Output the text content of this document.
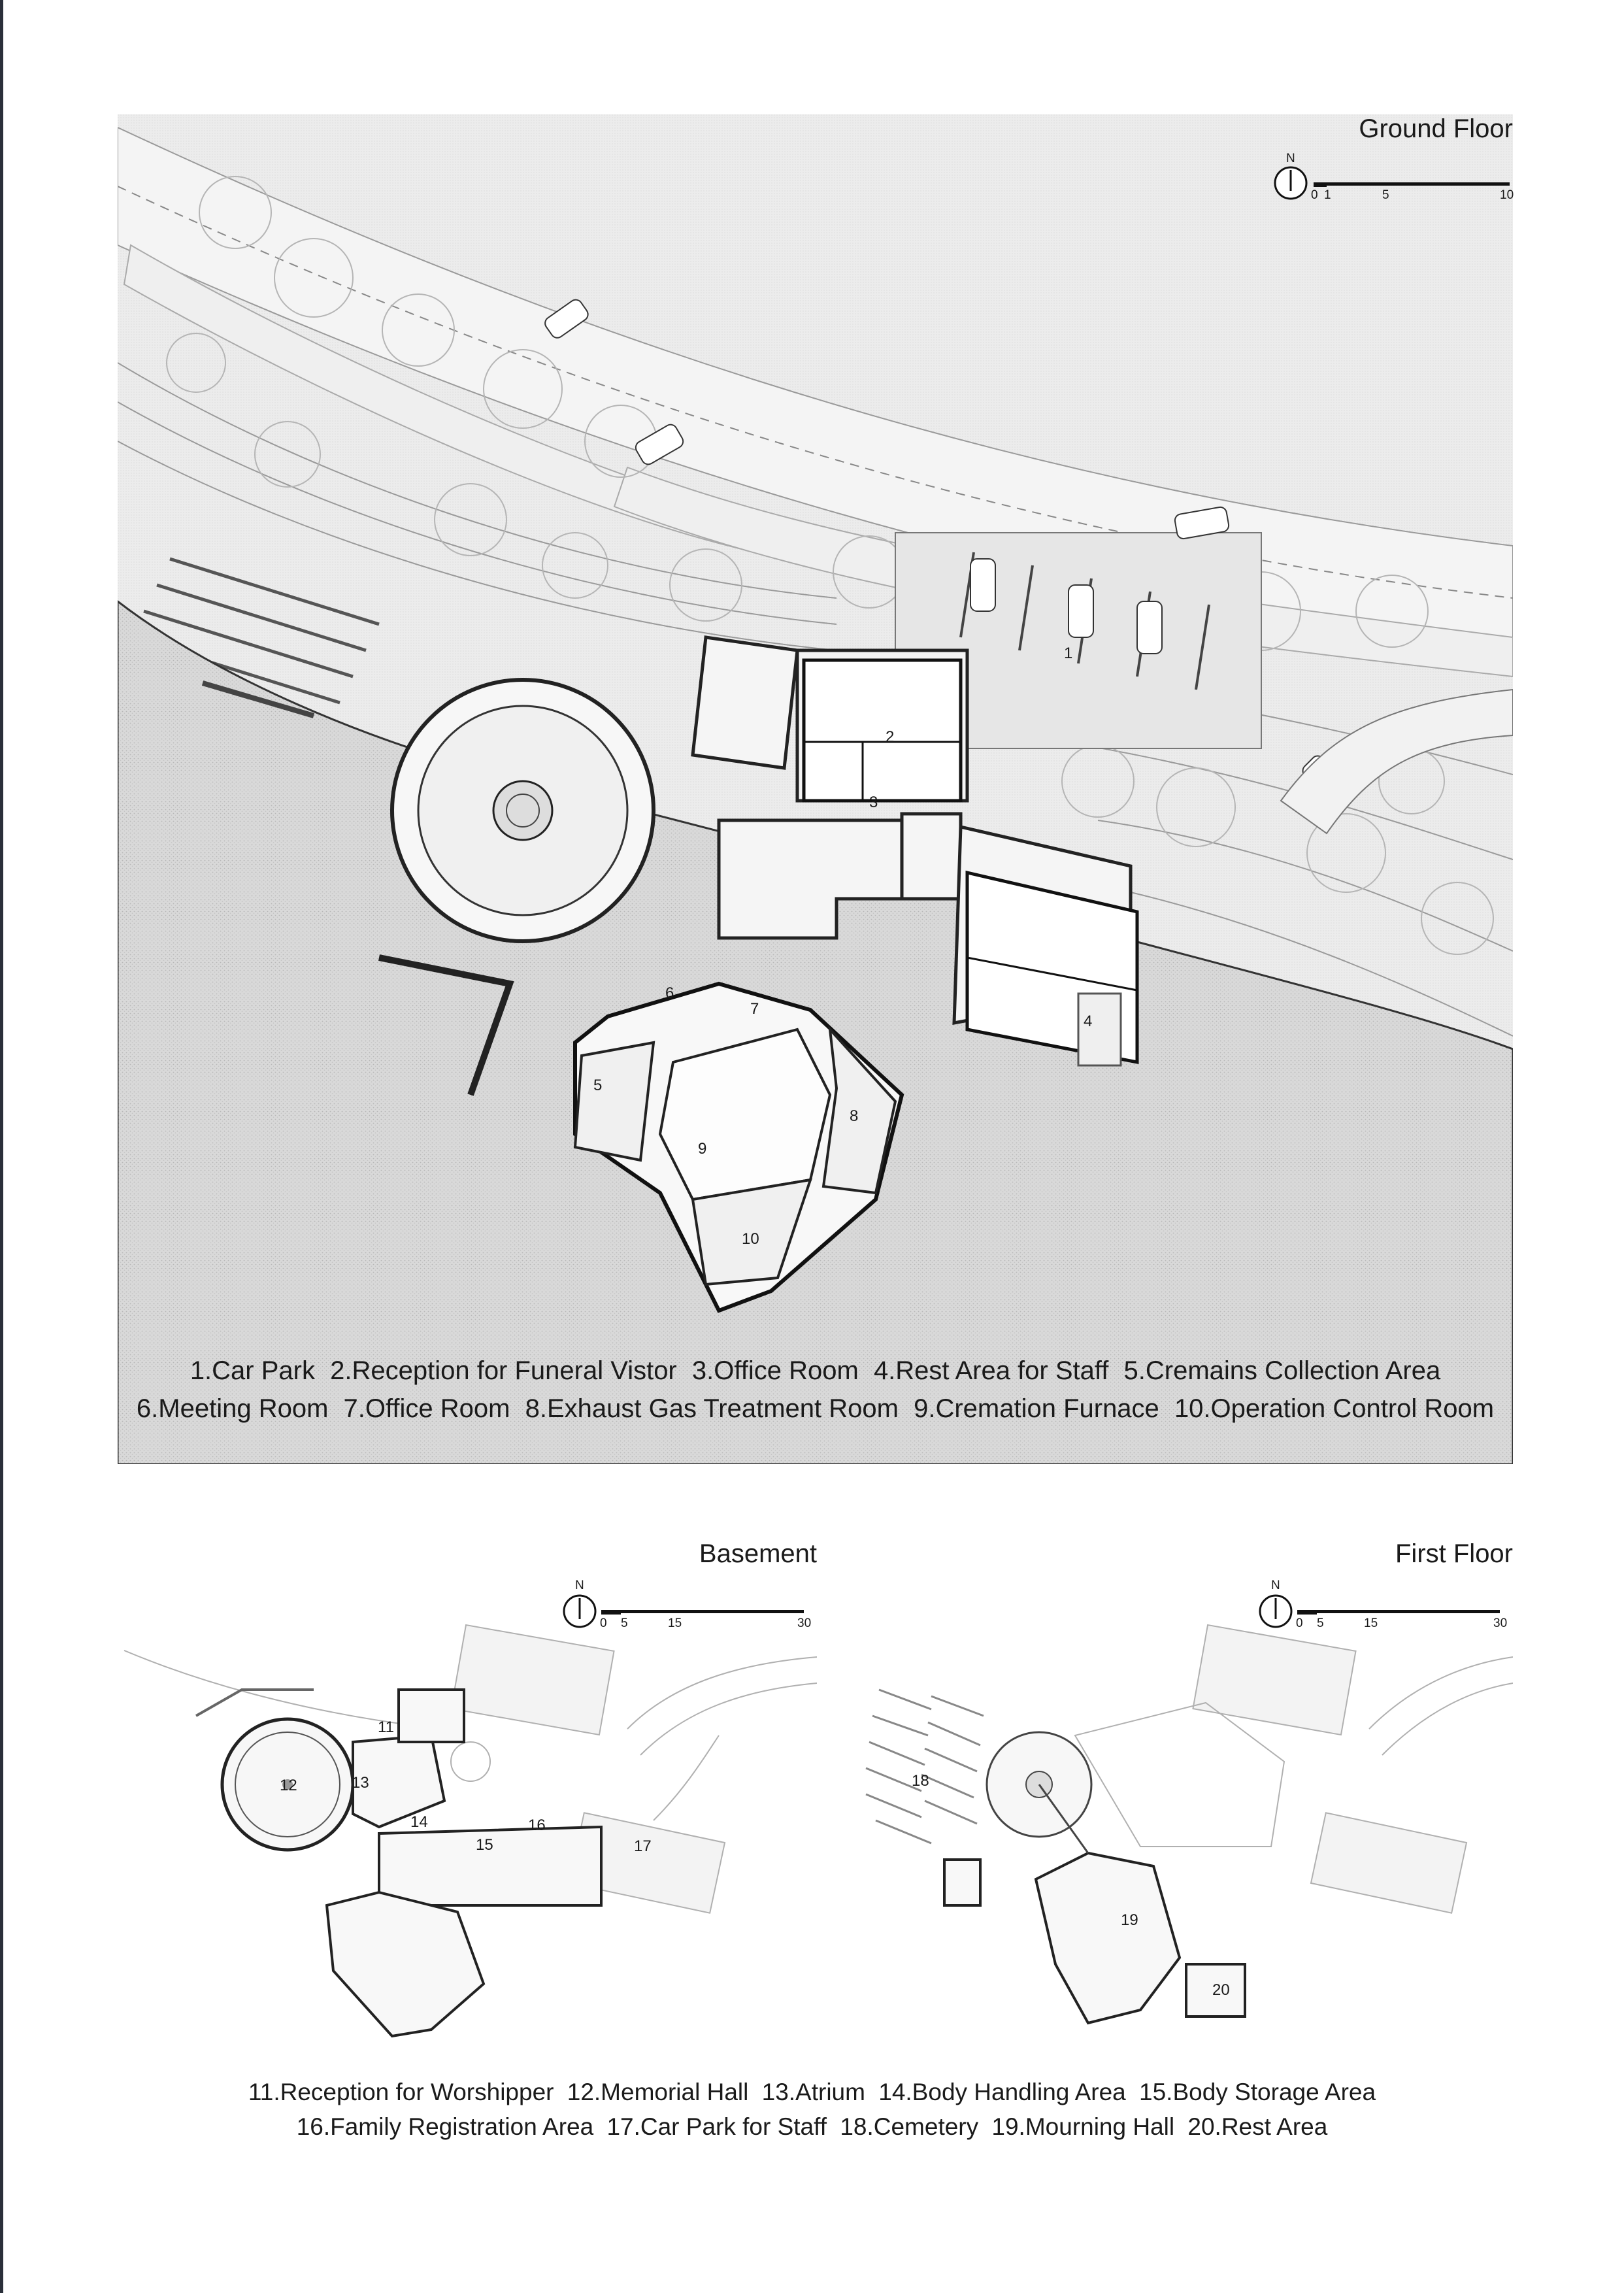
1
2
3
4
5
6
7
8
9
10
Ground Floor
N
0 1	5	10
1.Car Park 2.Reception for Funeral Vistor 3.Office Room 4.Rest Area for Staff 5.Cremains Collection Area
6.Meeting Room 7.Office Room 8.Exhaust Gas Treatment Room 9.Cremation Furnace 10.Operation Control Room
11
12	13
14
15
16
17
Basement
N
0 5	15	30
18
19
20
First Floor
N
0 5	15	30
11.Reception for Worshipper 12.Memorial Hall 13.Atrium 14.Body Handling Area 15.Body Storage Area
16.Family Registration Area 17.Car Park for Staff 18.Cemetery 19.Mourning Hall 20.Rest Area
